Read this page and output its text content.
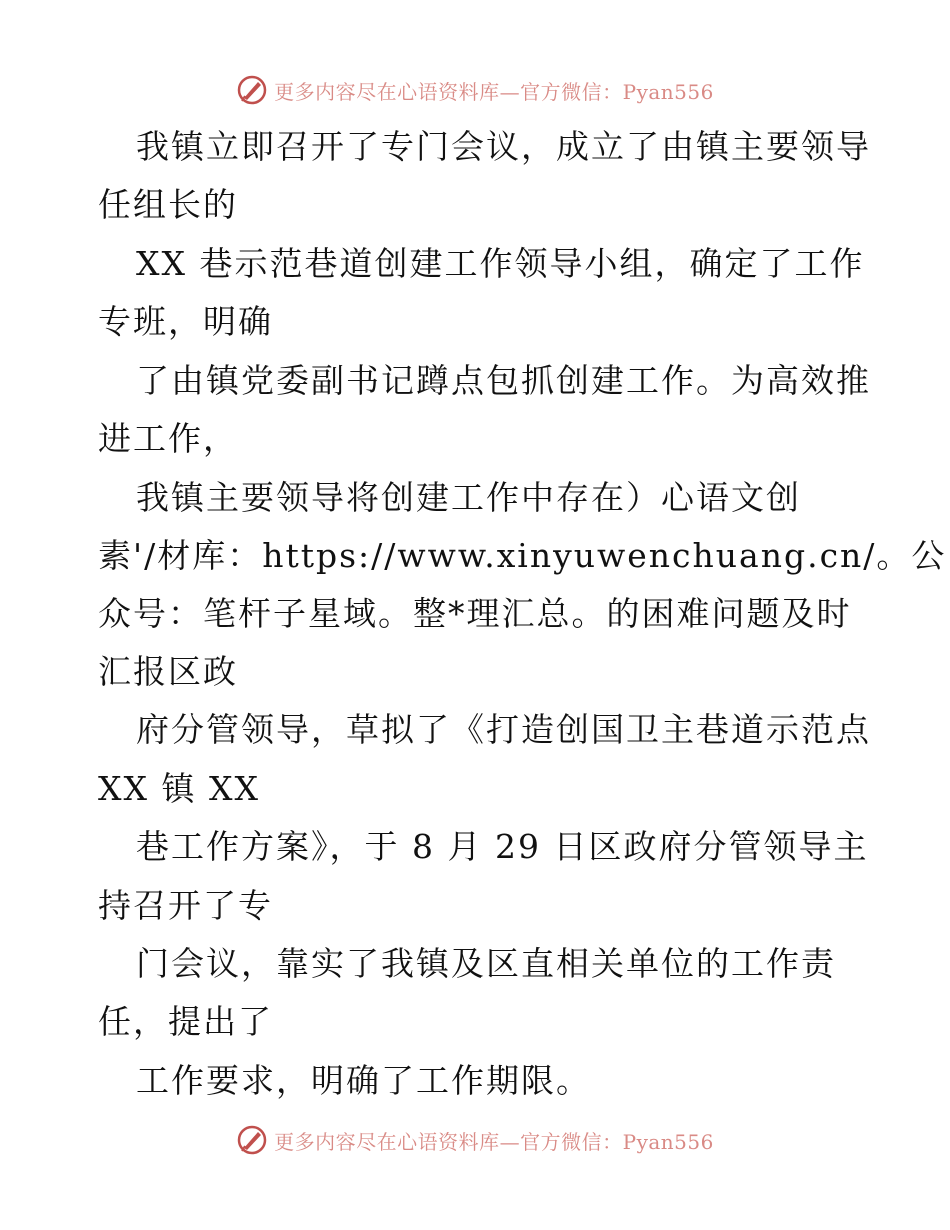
更多内容尽在心语资料库—官方微信：Pyan556
我镇立即召开了专门会议，成立了由镇主要领导
任组长的
XX 巷示范巷道创建工作领导小组，确定了工作
专班，明确
了由镇党委副书记蹲点包抓创建工作。为高效推
进工作，
我镇主要领导将创建工作中存在）心语文创
素'/材库：https://www.xinyuwenchuang.cn/。公
众号：笔杆子星域。整*理汇总。的困难问题及时
汇报区政
府分管领导，草拟了《打造创国卫主巷道示范点
XX 镇 XX
巷工作方案》，于 8 月 29 日区政府分管领导主
持召开了专
门会议，靠实了我镇及区直相关单位的工作责
任，提出了
工作要求，明确了工作期限。
更多内容尽在心语资料库—官方微信：Pyan556
